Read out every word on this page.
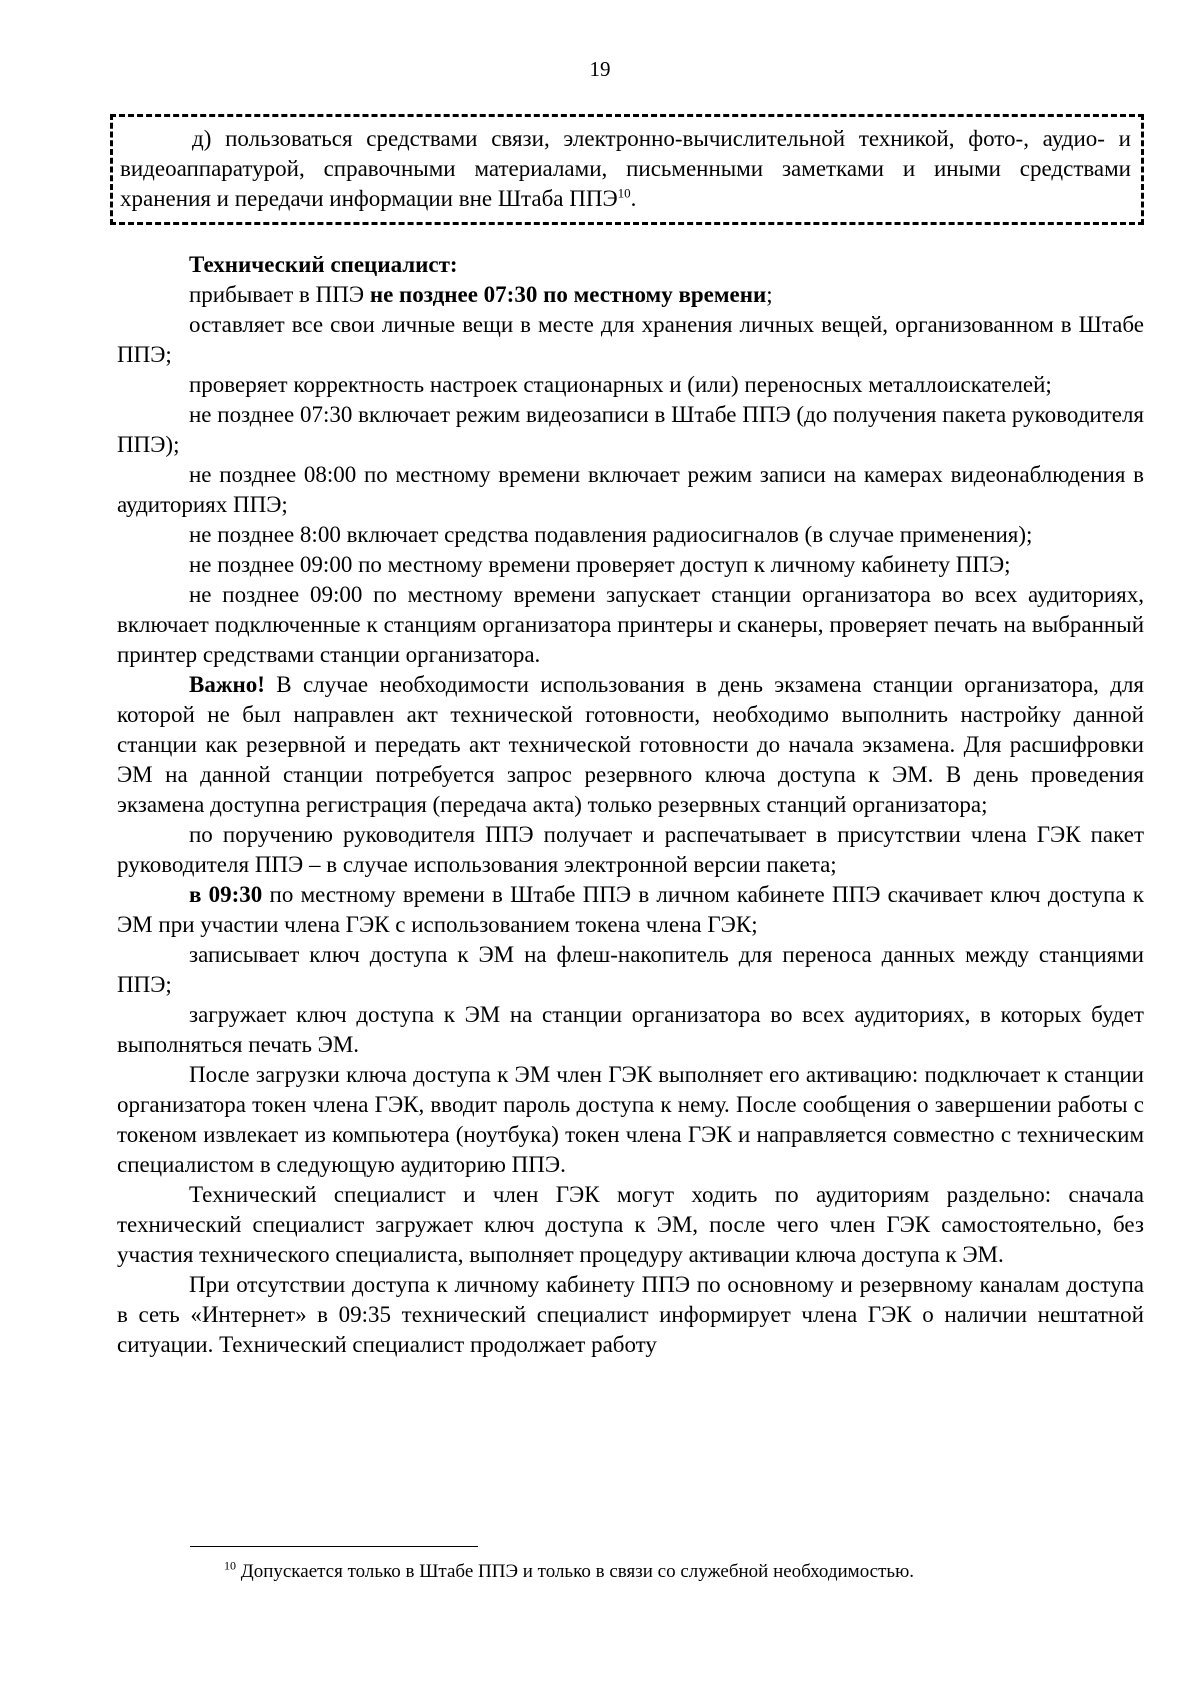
19

д) пользоваться средствами связи, электронно-вычислительной техникой, фото-, аудио- и видеоаппаратурой, справочными материалами, письменными заметками и иными средствами хранения и передачи информации вне Штаба ППЭ$^{10}$.

Технический специалист:

прибывает в ППЭ не позднее 07:30 по местному времени;

оставляет все свои личные вещи в месте для хранения личных вещей, организованном в Штабе ППЭ;

проверяет корректность настроек стационарных и (или) переносных металлоискателей;

не позднее 07:30 включает режим видеозаписи в Штабе ППЭ (до получения пакета руководителя ППЭ);

не позднее 08:00 по местному времени включает режим записи на камерах видеонаблюдения в аудиториях ППЭ;

не позднее 8:00 включает средства подавления радиосигналов (в случае применения);

не позднее 09:00 по местному времени проверяет доступ к личному кабинету ППЭ;

не позднее 09:00 по местному времени запускает станции организатора во всех аудиториях, включает подключенные к станциям организатора принтеры и сканеры, проверяет печать на выбранный принтер средствами станции организатора.

Важно! В случае необходимости использования в день экзамена станции организатора, для которой не был направлен акт технической готовности, необходимо выполнить настройку данной станции как резервной и передать акт технической готовности до начала экзамена. Для расшифровки ЭМ на данной станции потребуется запрос резервного ключа доступа к ЭМ. В день проведения экзамена доступна регистрация (передача акта) только резервных станций организатора;

по поручению руководителя ППЭ получает и распечатывает в присутствии члена ГЭК пакет руководителя ППЭ – в случае использования электронной версии пакета;

в 09:30 по местному времени в Штабе ППЭ в личном кабинете ППЭ скачивает ключ доступа к ЭМ при участии члена ГЭК с использованием токена члена ГЭК;

записывает ключ доступа к ЭМ на флеш-накопитель для переноса данных между станциями ППЭ;

загружает ключ доступа к ЭМ на станции организатора во всех аудиториях, в которых будет выполняться печать ЭМ.

После загрузки ключа доступа к ЭМ член ГЭК выполняет его активацию: подключает к станции организатора токен члена ГЭК, вводит пароль доступа к нему. После сообщения о завершении работы с токеном извлекает из компьютера (ноутбука) токен члена ГЭК и направляется совместно с техническим специалистом в следующую аудиторию ППЭ.

Технический специалист и член ГЭК могут ходить по аудиториям раздельно: сначала технический специалист загружает ключ доступа к ЭМ, после чего член ГЭК самостоятельно, без участия технического специалиста, выполняет процедуру активации ключа доступа к ЭМ.

При отсутствии доступа к личному кабинету ППЭ по основному и резервному каналам доступа в сеть «Интернет» в 09:35 технический специалист информирует члена ГЭК о наличии нештатной ситуации. Технический специалист продолжает работу

$^{10}$ Допускается только в Штабе ППЭ и только в связи со служебной необходимостью.
